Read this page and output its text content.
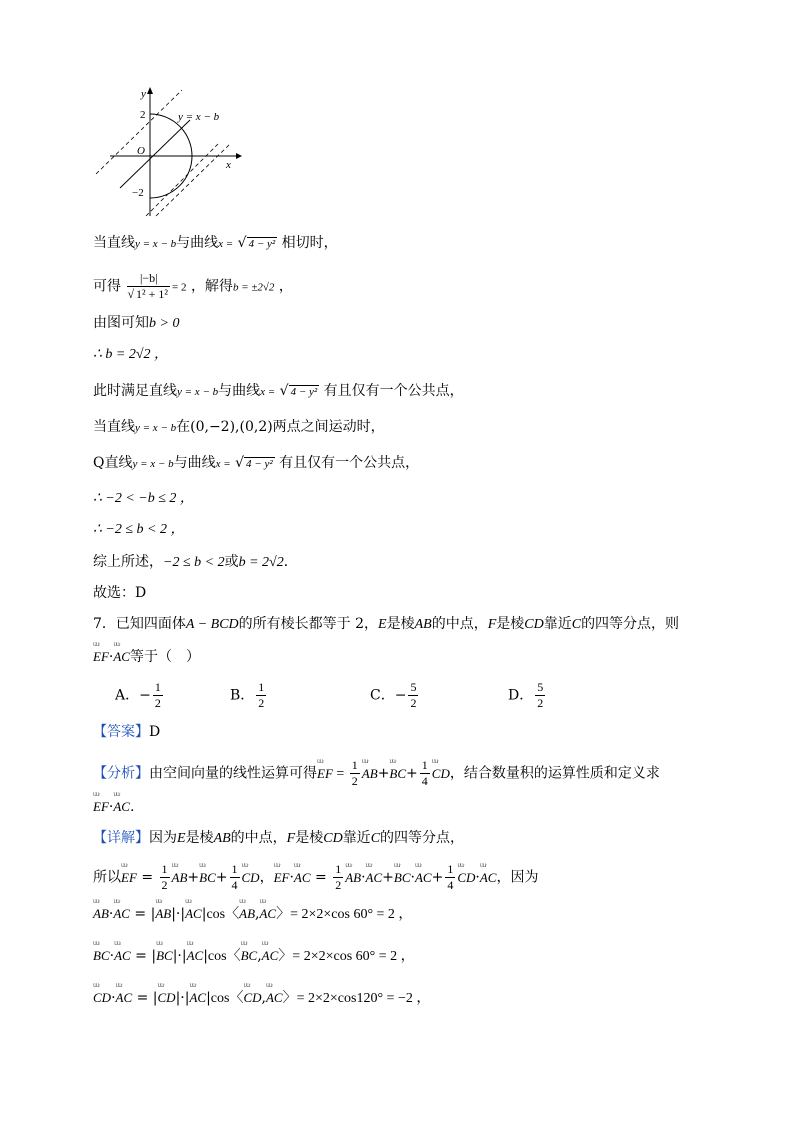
y
x
O
2
−2
y = x − b
当直线y = x − b与曲线x = √ 4 − y² 相切时，
可得 $\frac{|-b|}{\text{√ 1² + 1²}} = 2$ ，解得b = ±2√2 ，
由图可知b > 0
∴ b = 2√2 ，
此时满足直线y = x − b与曲线x = √ 4 − y² 有且仅有一个公共点，
当直线y = x − b在(0,−2),(0,2)两点之间运动时，
Q直线y = x − b与曲线x = √ 4 − y² 有且仅有一个公共点，
∴ −2 < −b ≤ 2 ，
∴ −2 ≤ b < 2 ，
综上所述，−2 ≤ b < 2或b = 2√2．
故选：D
7．已知四面体A − BCD的所有棱长都等于 2，E是棱AB的中点，F是棱CD靠近C的四等分点，则
ᵁᵁʳ EF·ᵁᵁʳ AC等于（　）
A．− $\frac{1}{2}$	B． $\frac{1}{2}$	C．− $\frac{5}{2}$	D． $\frac{5}{2}$
【答案】D
【分析】由空间向量的线性运算可得ᵁᵁʳ EF = $\frac{1}{2}$ ᵁᵁʳ AB+ᵁᵁʳ $BC+ \frac{1}{4}$ ᵁᵁʳ CD，结合数量积的运算性质和定义求
ᵁᵁʳ EF·ᵁᵁʳ AC.
【详解】因为E是棱AB的中点，F是棱CD靠近C的四等分点，
所以ᵁᵁʳ EF = $\frac{1}{2}$ ᵁᵁʳ AB+ᵁᵁʳ $BC+ \frac{1}{4}$ ᵁᵁʳ CD，ᵁᵁʳ EF·ᵁᵁʳ AC = $\frac{1}{2}$ ᵁᵁʳ AB·ᵁᵁʳ AC+ᵁᵁʳ BC·ᵁᵁʳ $AC+ \frac{1}{4}$ ᵁᵁʳ CD·ᵁᵁʳ AC，因为
ᵁᵁʳ AB·ᵁᵁʳ AC = |ᵁᵁʳ AB|·|ᵁᵁʳ AC|cos〈ᵁᵁʳ AB,ᵁᵁʳ AC〉= 2×2×cos 60° = 2 ，
ᵁᵁʳ BC·ᵁᵁʳ AC = |ᵁᵁʳ BC|·|ᵁᵁʳ AC|cos〈ᵁᵁʳ BC,ᵁᵁʳ AC〉= 2×2×cos 60° = 2 ，
ᵁᵁʳ CD·ᵁᵁʳ AC = |ᵁᵁʳ CD|·|ᵁᵁʳ AC|cos〈ᵁᵁʳ CD,ᵁᵁʳ AC〉= 2×2×cos120° = −2 ，
